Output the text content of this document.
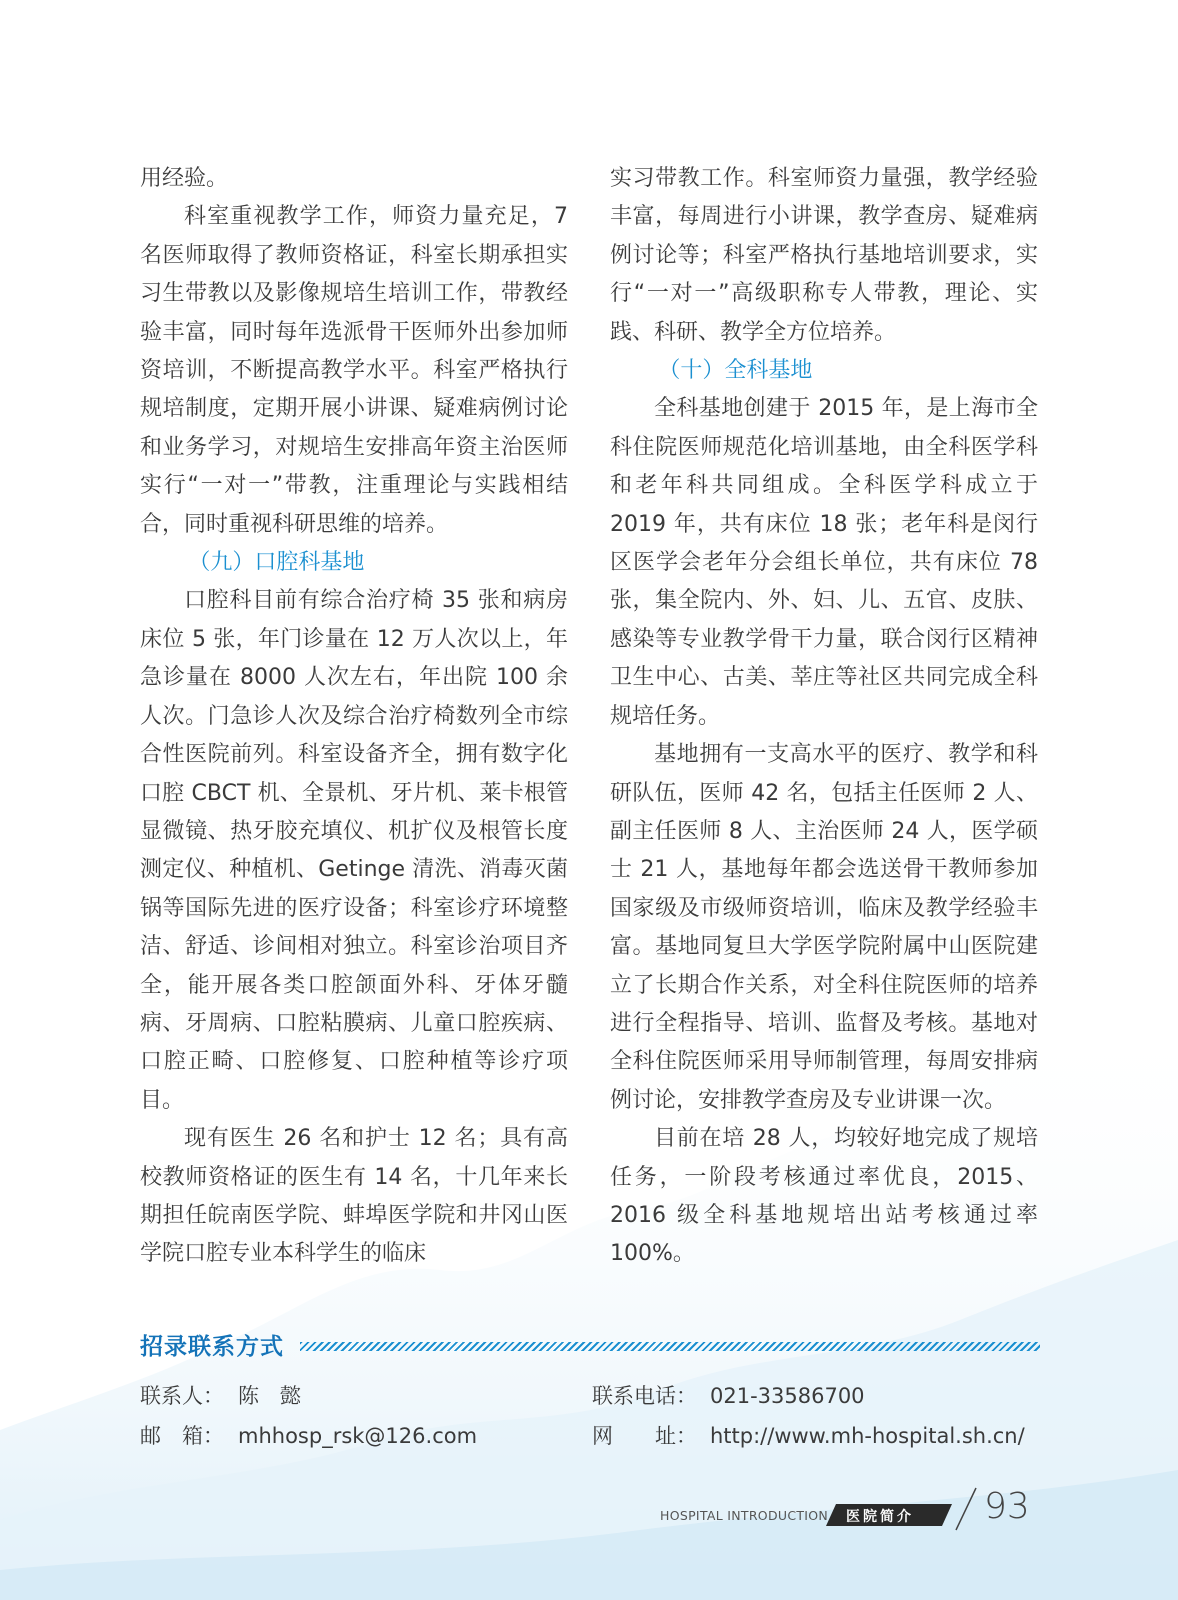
用经验。

科室重视教学工作，师资力量充足，7 名医师取得了教师资格证，科室长期承担实习生带教以及影像规培生培训工作，带教经验丰富，同时每年选派骨干医师外出参加师资培训，不断提高教学水平。科室严格执行规培制度，定期开展小讲课、疑难病例讨论和业务学习，对规培生安排高年资主治医师实行“一对一”带教，注重理论与实践相结合，同时重视科研思维的培养。

（九）口腔科基地

口腔科目前有综合治疗椅 35 张和病房床位 5 张，年门诊量在 12 万人次以上，年急诊量在 8000 人次左右，年出院 100 余人次。门急诊人次及综合治疗椅数列全市综合性医院前列。科室设备齐全，拥有数字化口腔 CBCT 机、全景机、牙片机、莱卡根管显微镜、热牙胶充填仪、机扩仪及根管长度测定仪、种植机、Getinge 清洗、消毒灭菌锅等国际先进的医疗设备；科室诊疗环境整洁、舒适、诊间相对独立。科室诊治项目齐全，能开展各类口腔颌面外科、牙体牙髓病、牙周病、口腔粘膜病、儿童口腔疾病、口腔正畸、口腔修复、口腔种植等诊疗项目。

现有医生 26 名和护士 12 名；具有高校教师资格证的医生有 14 名，十几年来长期担任皖南医学院、蚌埠医学院和井冈山医学院口腔专业本科学生的临床

实习带教工作。科室师资力量强，教学经验丰富，每周进行小讲课，教学查房、疑难病例讨论等；科室严格执行基地培训要求，实行“一对一”高级职称专人带教，理论、实践、科研、教学全方位培养。

（十）全科基地

全科基地创建于 2015 年，是上海市全科住院医师规范化培训基地，由全科医学科和老年科共同组成。全科医学科成立于 2019 年，共有床位 18 张；老年科是闵行区医学会老年分会组长单位，共有床位 78 张，集全院内、外、妇、儿、五官、皮肤、感染等专业教学骨干力量，联合闵行区精神卫生中心、古美、莘庄等社区共同完成全科规培任务。

基地拥有一支高水平的医疗、教学和科研队伍，医师 42 名，包括主任医师 2 人、副主任医师 8 人、主治医师 24 人，医学硕士 21 人，基地每年都会选送骨干教师参加国家级及市级师资培训，临床及教学经验丰富。基地同复旦大学医学院附属中山医院建立了长期合作关系，对全科住院医师的培养进行全程指导、培训、监督及考核。基地对全科住院医师采用导师制管理，每周安排病例讨论，安排教学查房及专业讲课一次。

目前在培 28 人，均较好地完成了规培任务，一阶段考核通过率优良，2015、2016 级全科基地规培出站考核通过率 100%。

招录联系方式
联系人： 陈　懿	联系电话： 021-33586700
邮　箱： mhhosp_rsk@126.com	网　　址： http://www.mh-hospital.sh.cn/
HOSPITAL INTRODUCTION 医院简介 93
